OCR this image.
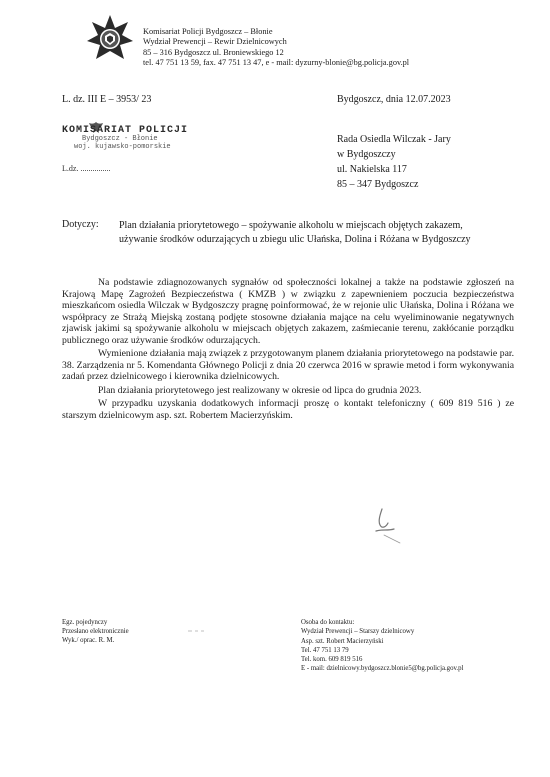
Komisariat Policji Bydgoszcz – Błonie
Wydział Prewencji – Rewir Dzielnicowych
85 – 316 Bydgoszcz ul. Broniewskiego 12
tel. 47 751 13 59, fax. 47 751 13 47, e - mail: dyzurny-blonie@bg.policja.gov.pl
L. dz. III E – 3953/ 23	Bydgoszcz, dnia 12.07.2023
KOMISARIAT POLICJI
Bydgoszcz - Błonie
woj. kujawsko-pomorskie
L.dz. ...............
Rada Osiedla Wilczak - Jary
w Bydgoszczy
ul. Nakielska 117
85 – 347 Bydgoszcz
Dotyczy: Plan działania priorytetowego – spożywanie alkoholu w miejscach objętych zakazem,
używanie środków odurzających u zbiegu ulic Ułańska, Dolina i Różana w Bydgoszczy

Na podstawie zdiagnozowanych sygnałów od społeczności lokalnej a także na podstawie zgłoszeń na Krajową Mapę Zagrożeń Bezpieczeństwa ( KMZB ) w związku z zapewnieniem poczucia bezpieczeństwa mieszkańcom osiedla Wilczak w Bydgoszczy pragnę poinformować, że w rejonie ulic Ułańska, Dolina i Różana we współpracy ze Strażą Miejską zostaną podjęte stosowne działania mające na celu wyeliminowanie negatywnych zjawisk jakimi są spożywanie alkoholu w miejscach objętych zakazem, zaśmiecanie terenu, zakłócanie porządku publicznego oraz używanie środków odurzających.

Wymienione działania mają związek z przygotowanym planem działania priorytetowego na podstawie par. 38. Zarządzenia nr 5. Komendanta Głównego Policji z dnia 20 czerwca 2016 w sprawie metod i form wykonywania zadań przez dzielnicowego i kierownika dzielnicowych.

Plan działania priorytetowego jest realizowany w okresie od lipca do grudnia 2023.

W przypadku uzyskania dodatkowych informacji proszę o kontakt telefoniczny ( 609 819 516 ) ze starszym dzielnicowym asp. szt. Robertem Macierzyńskim.

Egz. pojedynczy
Przesłano elektronicznie
Wyk./ oprac. R. M.
Osoba do kontaktu:
Wydział Prewencji – Starszy dzielnicowy
Asp. szt. Robert Macierzyński
Tel. 47 751 13 79
Tel. kom. 609 819 516
E - mail: dzielnicowy.bydgoszcz.blonie5@bg.policja.gov.pl
